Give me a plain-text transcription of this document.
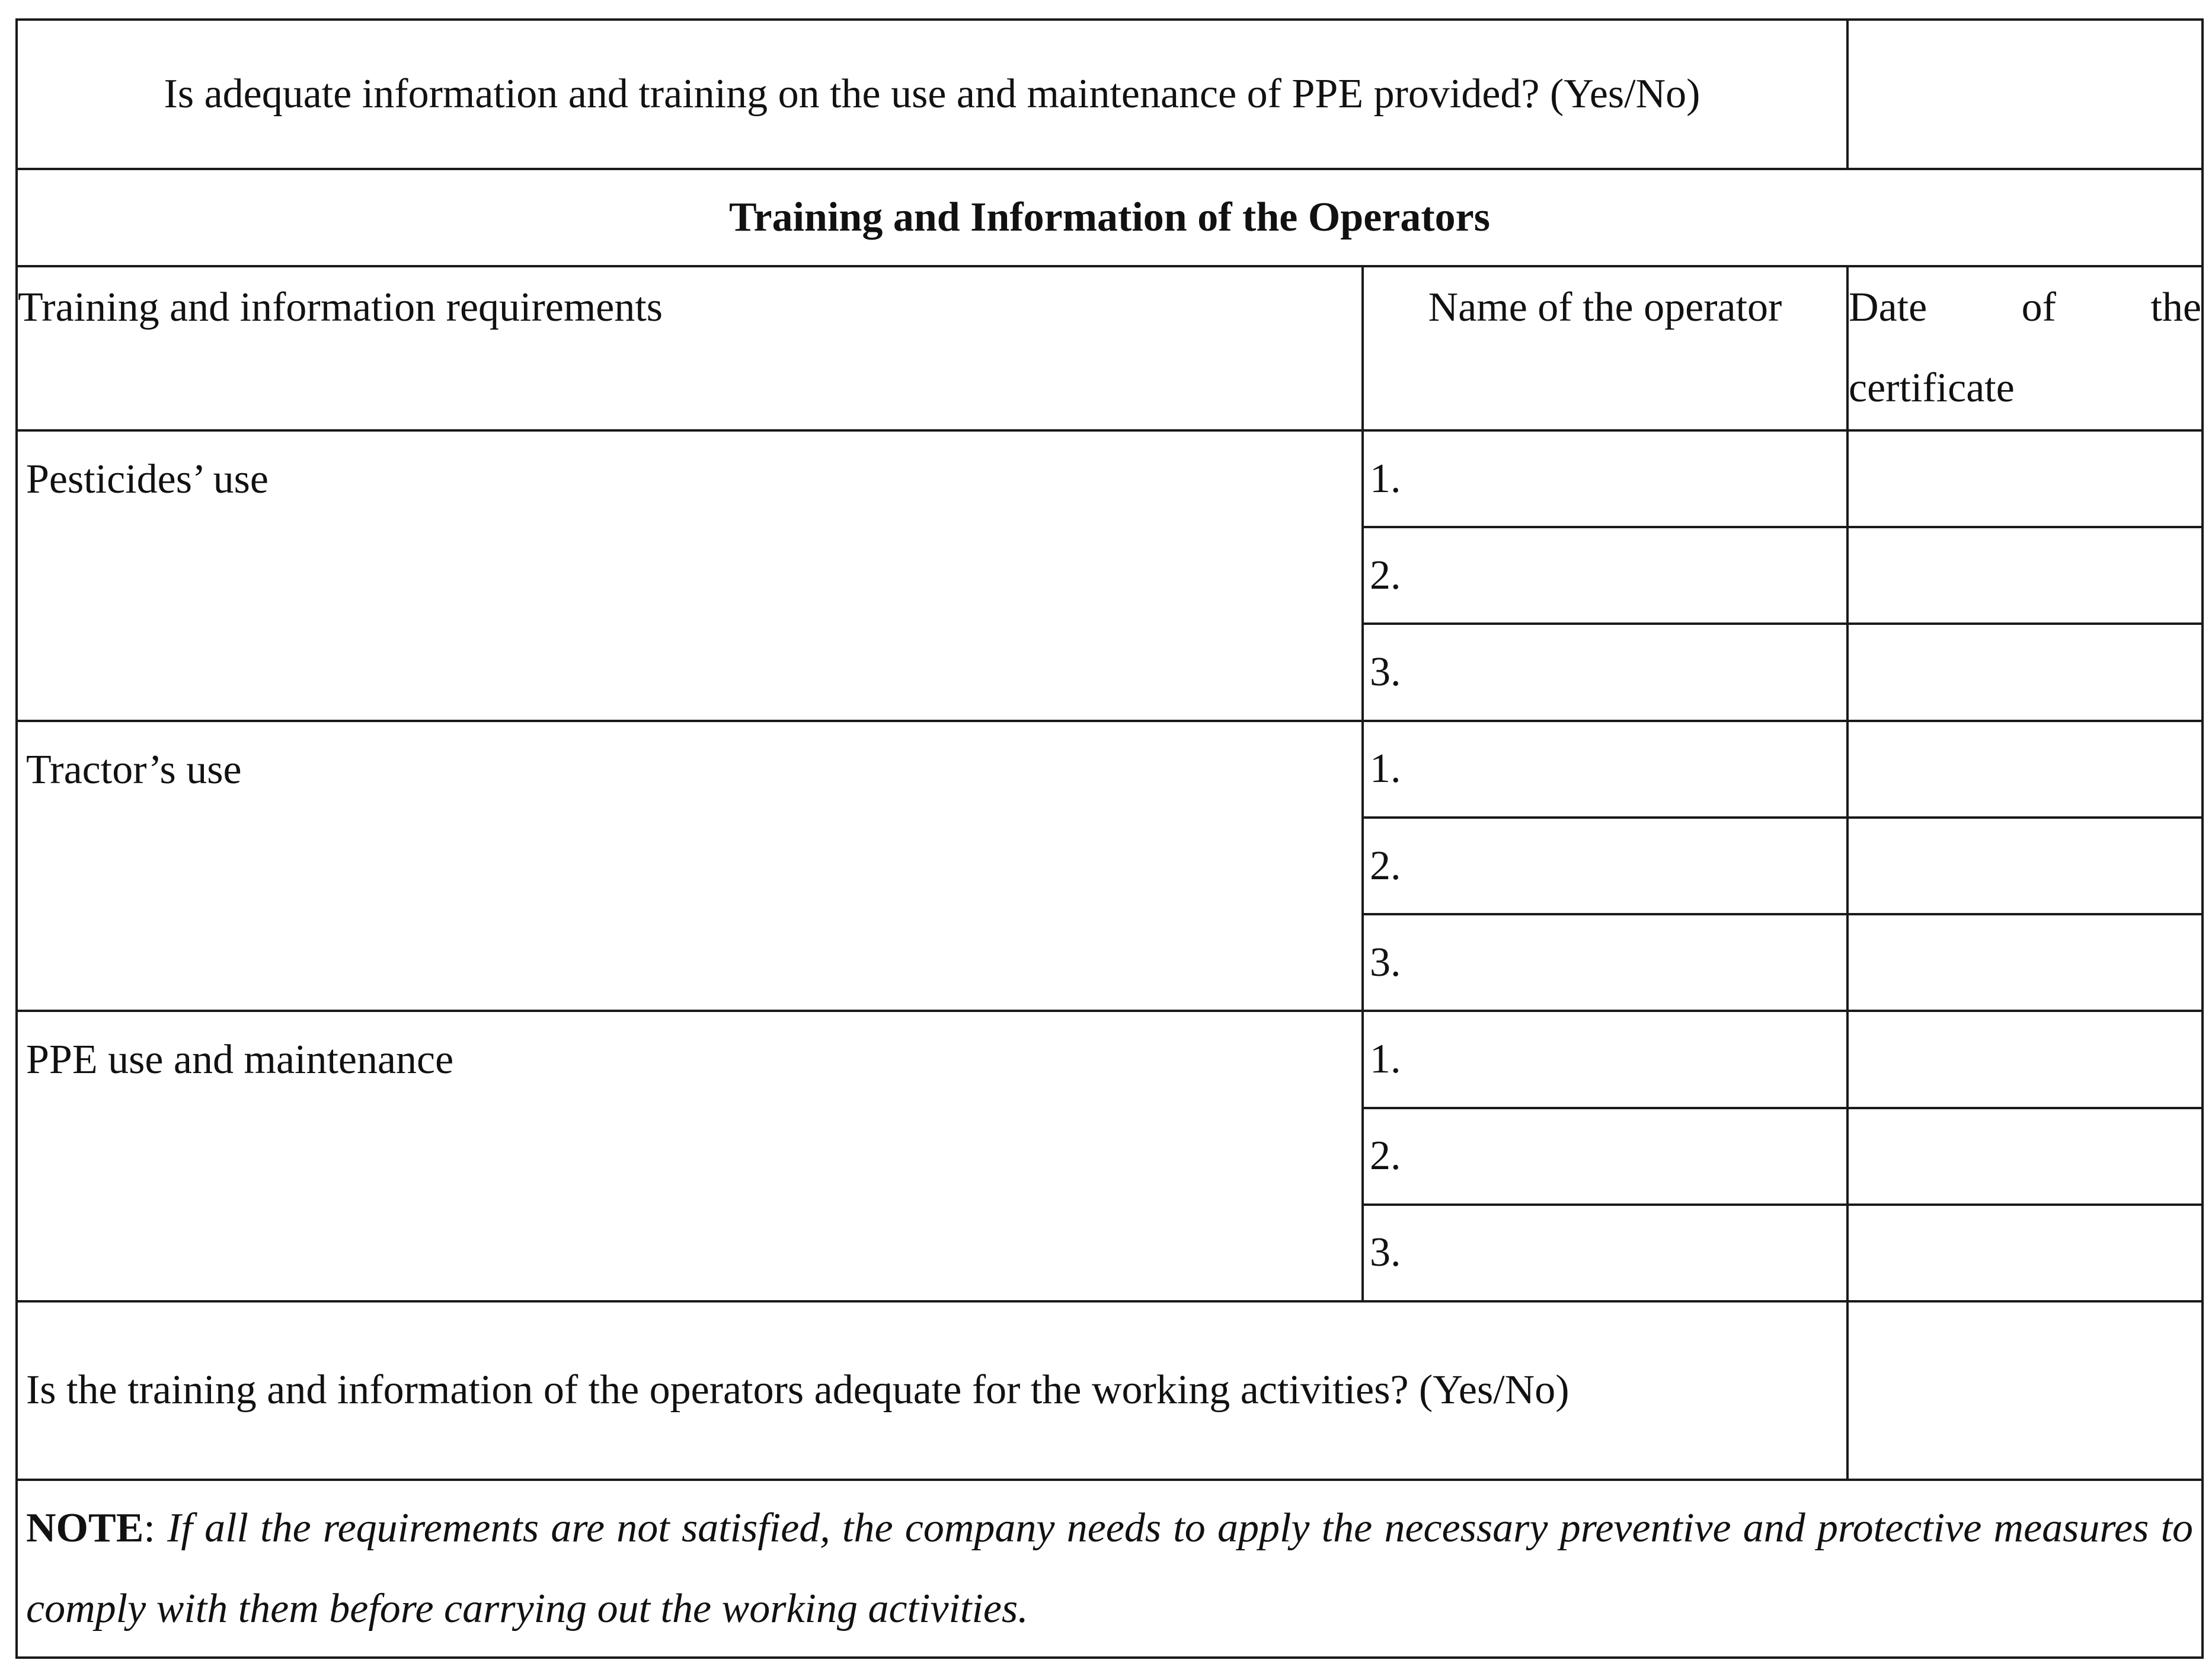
Is adequate information and training on the use and maintenance of PPE provided? (Yes/No)		
Training and Information of the Operators		
Training and information requirements	Name of the operator	Date of the
certificate

Pesticides’ use	1.	
	2.	
	3.	
Tractor’s use	1.	
	2.	
	3.	
PPE use and maintenance	1.	
	2.	
	3.	
Is the training and information of the operators adequate for the working activities? (Yes/No)		
NOTE: If all the requirements are not satisfied, the company needs to apply the necessary preventive and protective measures to comply with them before carrying out the working activities.		
